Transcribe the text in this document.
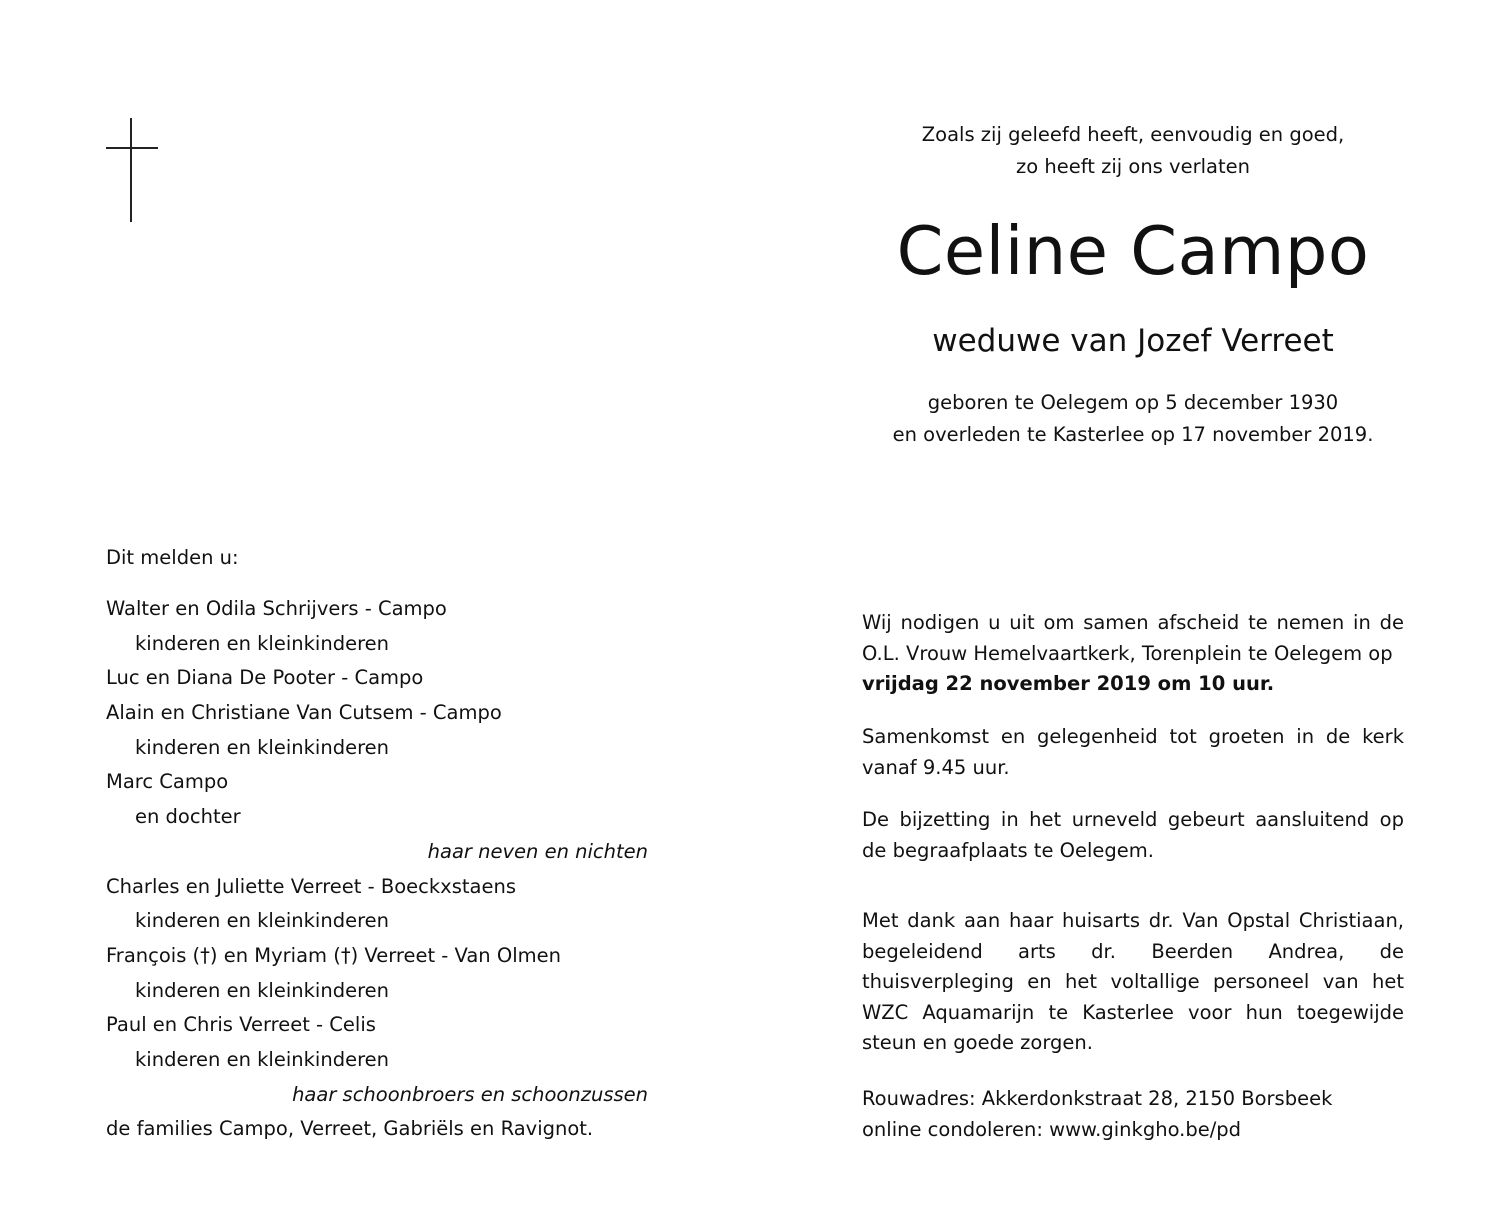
Zoals zij geleefd heeft, eenvoudig en goed,
zo heeft zij ons verlaten
Celine Campo
weduwe van Jozef Verreet
geboren te Oelegem op 5 december 1930
en overleden te Kasterlee op 17 november 2019.
Dit melden u:
Walter en Odila Schrijvers - Campo
kinderen en kleinkinderen
Luc en Diana De Pooter - Campo
Alain en Christiane Van Cutsem - Campo
kinderen en kleinkinderen
Marc Campo
en dochter
haar neven en nichten
Charles en Juliette Verreet - Boeckxstaens
kinderen en kleinkinderen
François (†) en Myriam (†) Verreet - Van Olmen
kinderen en kleinkinderen
Paul en Chris Verreet - Celis
kinderen en kleinkinderen
haar schoonbroers en schoonzussen
de families Campo, Verreet, Gabriëls en Ravignot.

Wij nodigen u uit om samen afscheid te nemen in de O.L. Vrouw Hemelvaartkerk, Torenplein te Oelegem op

vrijdag 22 november 2019 om 10 uur.

Samenkomst en gelegenheid tot groeten in de kerk vanaf 9.45 uur.

De bijzetting in het urneveld gebeurt aansluitend op de begraafplaats te Oelegem.

Met dank aan haar huisarts dr. Van Opstal Christiaan, begeleidend arts dr. Beerden Andrea, de thuisverpleging en het voltallige personeel van het WZC Aquamarijn te Kasterlee voor hun toegewijde steun en goede zorgen.

Rouwadres: Akkerdonkstraat 28, 2150 Borsbeek
online condoleren: www.ginkgho.be/pd
